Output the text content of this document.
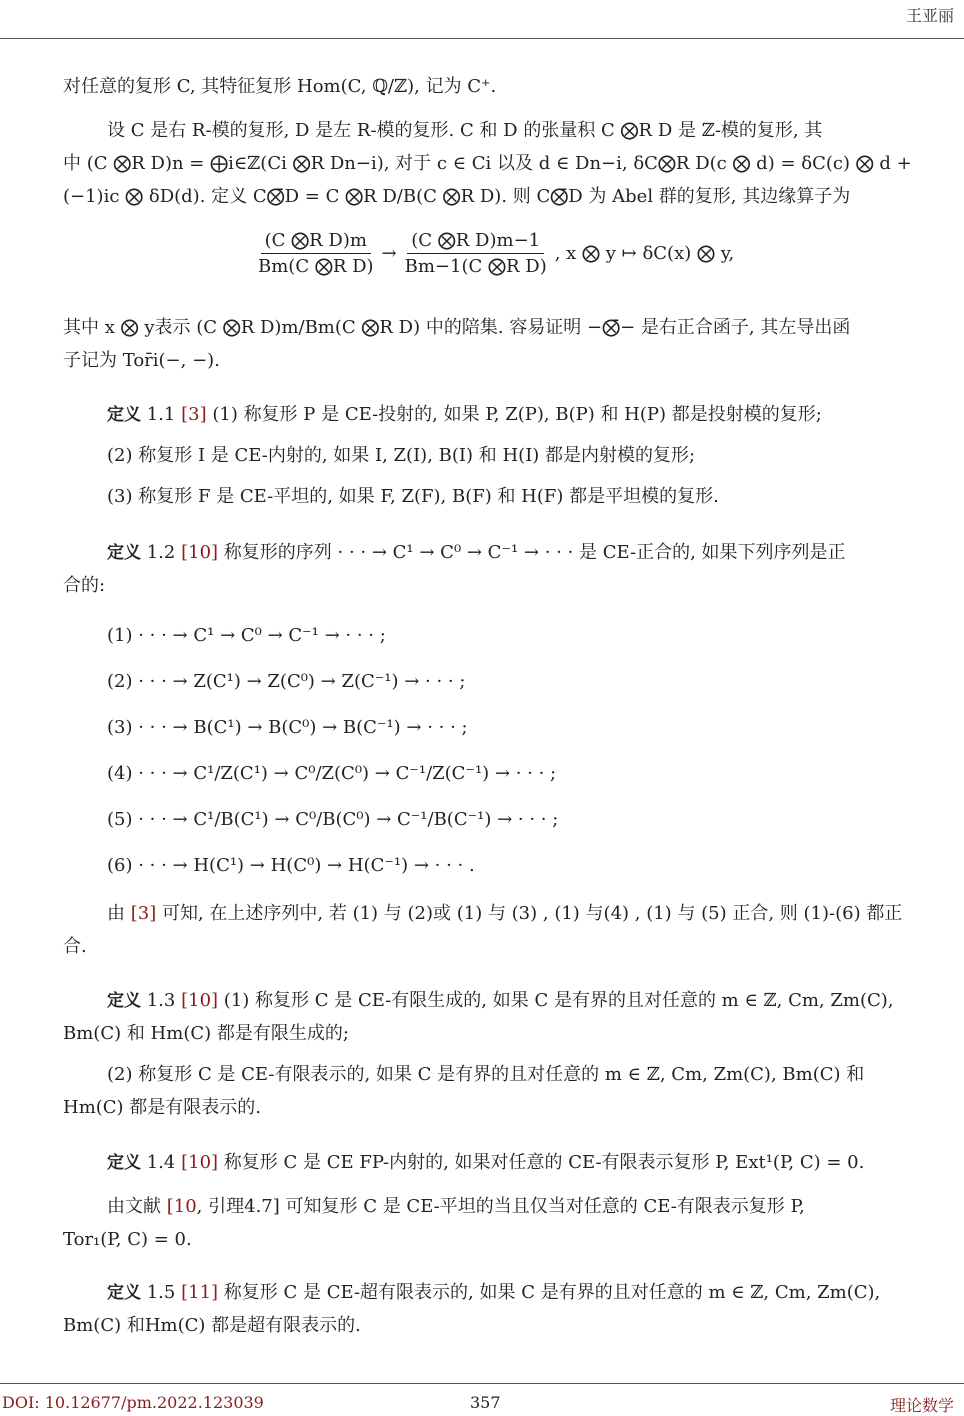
王亚丽
对任意的复形 C, 其特征复形 Hom(C, ℚ/ℤ), 记为 C⁺.
设 C 是右 R-模的复形, D 是左 R-模的复形. C 和 D 的张量积 C ⨂R D 是 ℤ-模的复形, 其
中 (C ⨂R D)n = ⨁i∈ℤ(Ci ⨂R Dn−i), 对于 c ∈ Ci 以及 d ∈ Dn−i, δC⨂R D(c ⨂ d) = δC(c) ⨂ d +
(−1)ic ⨂ δD(d). 定义 C⨂̄D = C ⨂R D/B(C ⨂R D). 则 C⨂̄D 为 Abel 群的复形, 其边缘算子为
$\frac{\text{(C ⨂R D)m}}{\text{Bm(C ⨂R D)}} \to \frac{\text{(C ⨂R D)m−1}}{\text{Bm−1(C ⨂R D)}}$ , x ⨂ y ↦ δC(x) ⨂ y,
其中 x ⨂ y表示 (C ⨂R D)m/Bm(C ⨂R D) 中的陪集. 容易证明 −⨂̄− 是右正合函子, 其左导出函
子记为 Tor̄i(−, −).
定义 1.1 [3] (1) 称复形 P 是 CE-投射的, 如果 P, Z(P), B(P) 和 H(P) 都是投射模的复形;
(2) 称复形 I 是 CE-内射的, 如果 I, Z(I), B(I) 和 H(I) 都是内射模的复形;
(3) 称复形 F 是 CE-平坦的, 如果 F, Z(F), B(F) 和 H(F) 都是平坦模的复形.
定义 1.2 [10] 称复形的序列 · · · → C¹ → C⁰ → C⁻¹ → · · · 是 CE-正合的, 如果下列序列是正
合的:
(1) · · · → C¹ → C⁰ → C⁻¹ → · · · ;
(2) · · · → Z(C¹) → Z(C⁰) → Z(C⁻¹) → · · · ;
(3) · · · → B(C¹) → B(C⁰) → B(C⁻¹) → · · · ;
(4) · · · → C¹/Z(C¹) → C⁰/Z(C⁰) → C⁻¹/Z(C⁻¹) → · · · ;
(5) · · · → C¹/B(C¹) → C⁰/B(C⁰) → C⁻¹/B(C⁻¹) → · · · ;
(6) · · · → H(C¹) → H(C⁰) → H(C⁻¹) → · · · .
由 [3] 可知, 在上述序列中, 若 (1) 与 (2)或 (1) 与 (3) , (1) 与(4) , (1) 与 (5) 正合, 则 (1)-(6) 都正
合.
定义 1.3 [10] (1) 称复形 C 是 CE-有限生成的, 如果 C 是有界的且对任意的 m ∈ ℤ, Cm, Zm(C),
Bm(C) 和 Hm(C) 都是有限生成的;
(2) 称复形 C 是 CE-有限表示的, 如果 C 是有界的且对任意的 m ∈ ℤ, Cm, Zm(C), Bm(C) 和
Hm(C) 都是有限表示的.
定义 1.4 [10] 称复形 C 是 CE FP-内射的, 如果对任意的 CE-有限表示复形 P, Ext¹(P, C) = 0.
由文献 [10, 引理4.7] 可知复形 C 是 CE-平坦的当且仅当对任意的 CE-有限表示复形 P,
Tor₁(P, C) = 0.
定义 1.5 [11] 称复形 C 是 CE-超有限表示的, 如果 C 是有界的且对任意的 m ∈ ℤ, Cm, Zm(C),
Bm(C) 和Hm(C) 都是超有限表示的.
DOI: 10.12677/pm.2022.123039	357	理论数学
